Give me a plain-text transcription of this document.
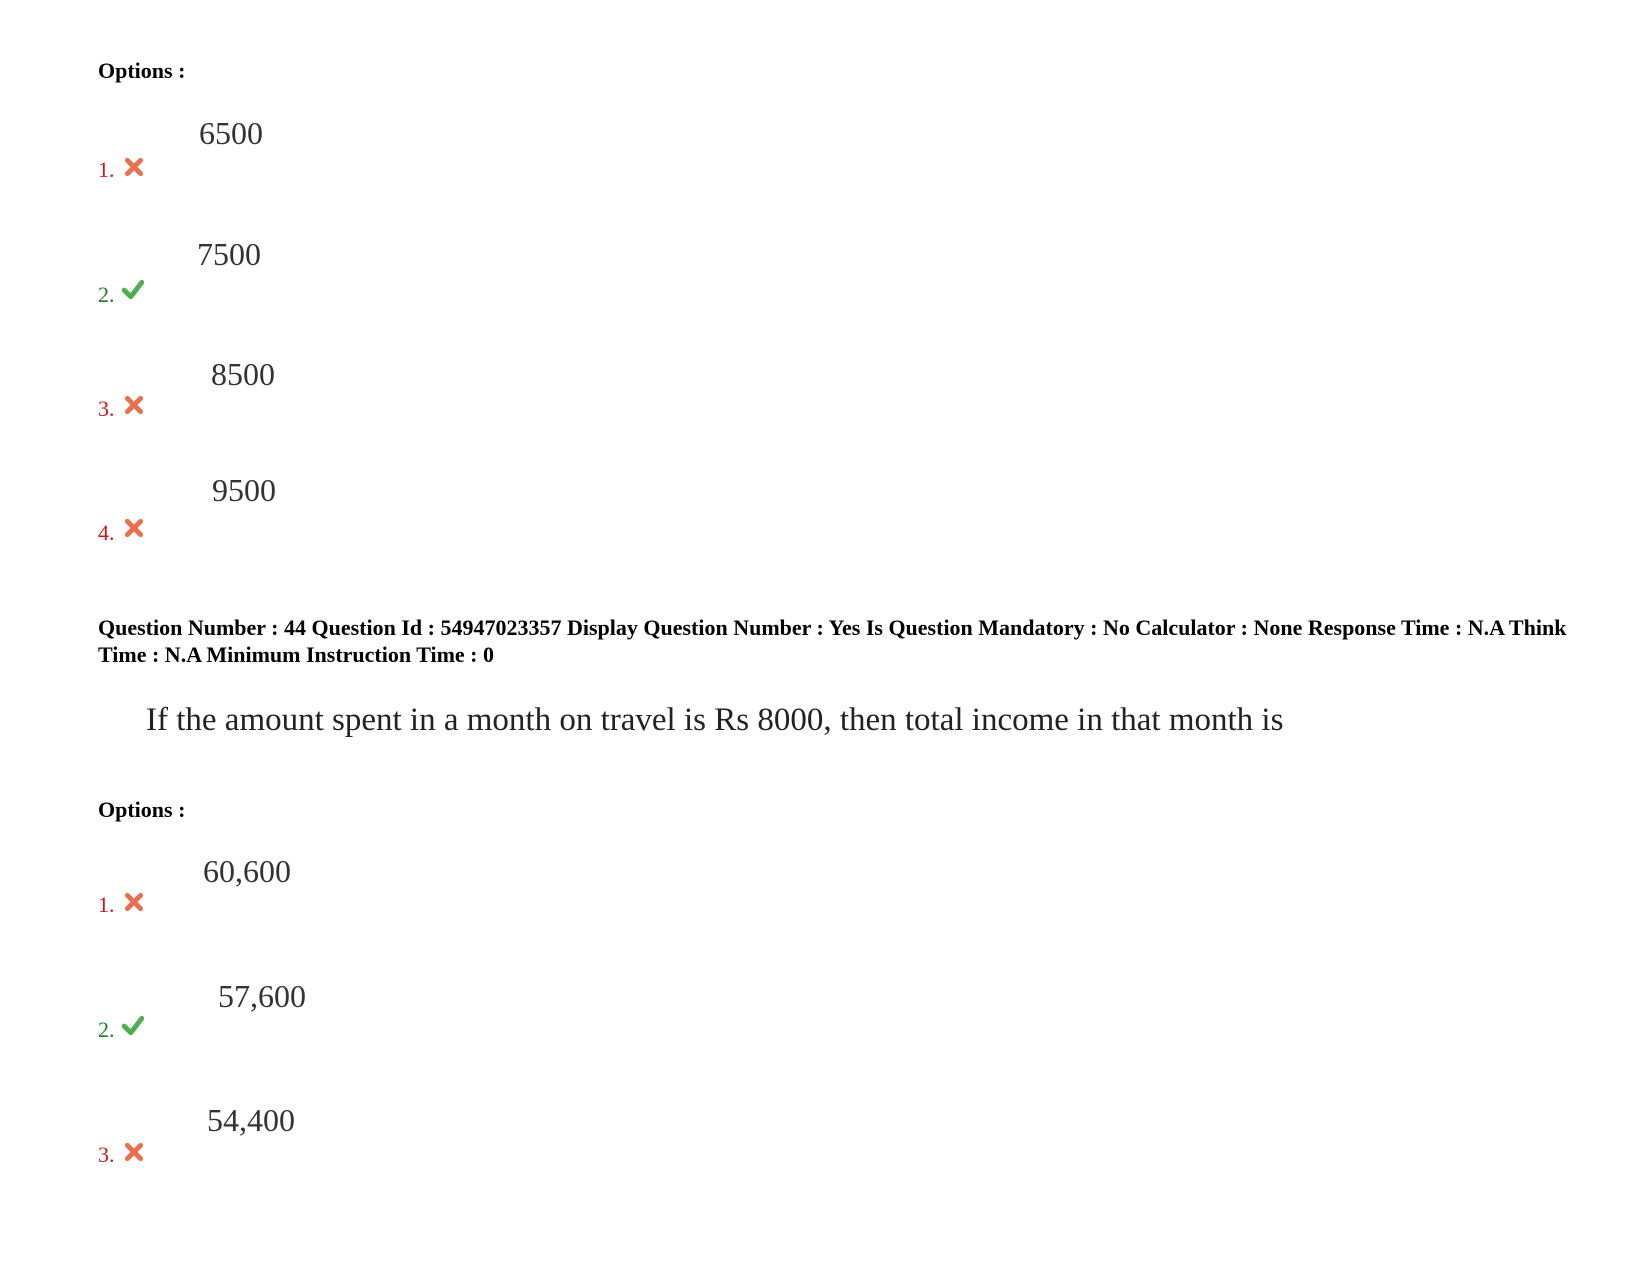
Options :
6500
1.
7500
2.
8500
3.
9500
4.
Question Number : 44 Question Id : 54947023357 Display Question Number : Yes Is Question Mandatory : No Calculator : None Response Time : N.A Think Time : N.A Minimum Instruction Time : 0
If the amount spent in a month on travel is Rs 8000, then total income in that month is
Options :
60,600
1.
57,600
2.
54,400
3.
